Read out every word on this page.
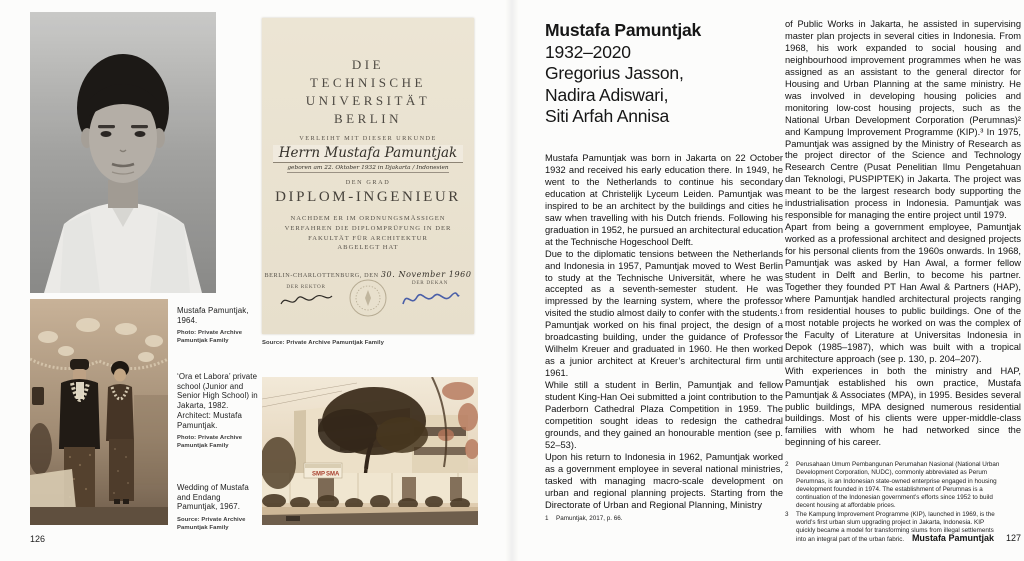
Mustafa Pamuntjak, 1964.
Photo: Private Archive Pamuntjak Family
‘Ora et Labora’ private school (Junior and Senior High School) in Jakarta, 1982. Architect: Mustafa Pamuntjak.
Photo: Private Archive Pamuntjak Family
Wedding of Mustafa and Endang Pamuntjak, 1967.
Source: Private Archive Pamuntjak Family
DIE
TECHNISCHE
UNIVERSITÄT
BERLIN
VERLEIHT MIT DIESER URKUNDE
Herrn Mustafa Pamuntjak
geboren am 22. Oktober 1932 in Djakarta / Indonesien
DEN GRAD
DIPLOM-INGENIEUR
NACHDEM ER IM ORDNUNGSMÄSSIGEN
VERFAHREN DIE DIPLOMPRÜFUNG IN DER
FAKULTÄT FÜR ARCHITEKTUR
ABGELEGT HAT
BERLIN-CHARLOTTENBURG, DEN 30. November 1960
DER REKTOR
DER DEKAN
Source: Private Archive Pamuntjak Family
SMP SMA
126
Mustafa Pamuntjak
1932–2020
Gregorius Jasson,
Nadira Adiswari,
Siti Arfah Annisa

Mustafa Pamuntjak was born in Jakarta on 22 October 1932 and received his early education there. In 1949, he went to the Netherlands to continue his secondary education at Christelijk Lyceum Leiden. Pamuntjak was inspired to be an architect by the buildings and cities he saw when travelling with his Dutch friends. Following his graduation in 1952, he pursued an architectural education at the Technische Hogeschool Delft.

Due to the diplomatic tensions between the Netherlands and Indonesia in 1957, Pamuntjak moved to West Berlin to study at the Technische Universität, where he was accepted as a seventh-semester student. He was impressed by the learning system, where the professor visited the studio almost daily to confer with the students.¹ Pamuntjak worked on his final project, the design of a broadcasting building, under the guidance of Professor Wilhelm Kreuer and graduated in 1960. He then worked as a junior architect at Kreuer’s architectural firm until 1961.

While still a student in Berlin, Pamuntjak and fellow student King-Han Oei submitted a joint contribution to the Paderborn Cathedral Plaza Competition in 1959. The competition sought ideas to redesign the cathedral grounds, and they gained an honourable mention (see p. 52–53).

Upon his return to Indonesia in 1962, Pamuntjak worked as a government employee in several national ministries, tasked with managing macro-scale development on urban and regional planning projects. Starting from the Directorate of Urban and Regional Planning, Ministry

of Public Works in Jakarta, he assisted in supervising master plan projects in several cities in Indonesia. From 1968, his work expanded to social housing and neighbourhood improvement programmes when he was assigned as an assistant to the general director for Housing and Urban Planning at the same ministry. He was involved in developing housing policies and monitoring low-cost housing projects, such as the National Urban Development Corporation (Perumnas)² and Kampung Improvement Programme (KIP).³ In 1975, Pamuntjak was assigned by the Ministry of Research as the project director of the Science and Technology Research Centre (Pusat Penelitian Ilmu Pengetahuan dan Teknologi, PUSPIPTEK) in Jakarta. The project was meant to be the largest research body supporting the industrialisation process in Indonesia. Pamuntjak was responsible for managing the entire project until 1979.

Apart from being a government employee, Pamuntjak worked as a professional architect and designed projects for his personal clients from the 1960s onwards. In 1968, Pamuntjak was asked by Han Awal, a former fellow student in Delft and Berlin, to become his partner. Together they founded PT Han Awal & Partners (HAP), where Pamuntjak handled architectural projects ranging from residential houses to public buildings. One of the most notable projects he worked on was the complex of the Faculty of Literature at Universitas Indonesia in Depok (1985–1987), which was built with a tropical architecture approach (see p. 130, p. 204–207).

With experiences in both the ministry and HAP, Pamuntjak established his own practice, Mustafa Pamuntjak & Associates (MPA), in 1995. Besides several public buildings, MPA designed numerous residential buildings. Most of his clients were upper-middle-class families with whom he had networked since the beginning of his career.

1	Pamuntjak, 2017, p. 66.
2	Perusahaan Umum Pembangunan Perumahan Nasional (National Urban Development Corporation, NUDC), commonly abbreviated as Perum Perumnas, is an Indonesian state-owned enterprise engaged in housing development founded in 1974. The establishment of Perumnas is a continuation of the Indonesian government’s efforts since 1952 to build decent housing at affordable prices.
3	The Kampung Improvement Programme (KIP), launched in 1969, is the world’s first urban slum upgrading project in Jakarta, Indonesia. KIP quickly became a model for transforming slums from illegal settlements into an integral part of the urban fabric. Mustafa Pamuntjak 127
